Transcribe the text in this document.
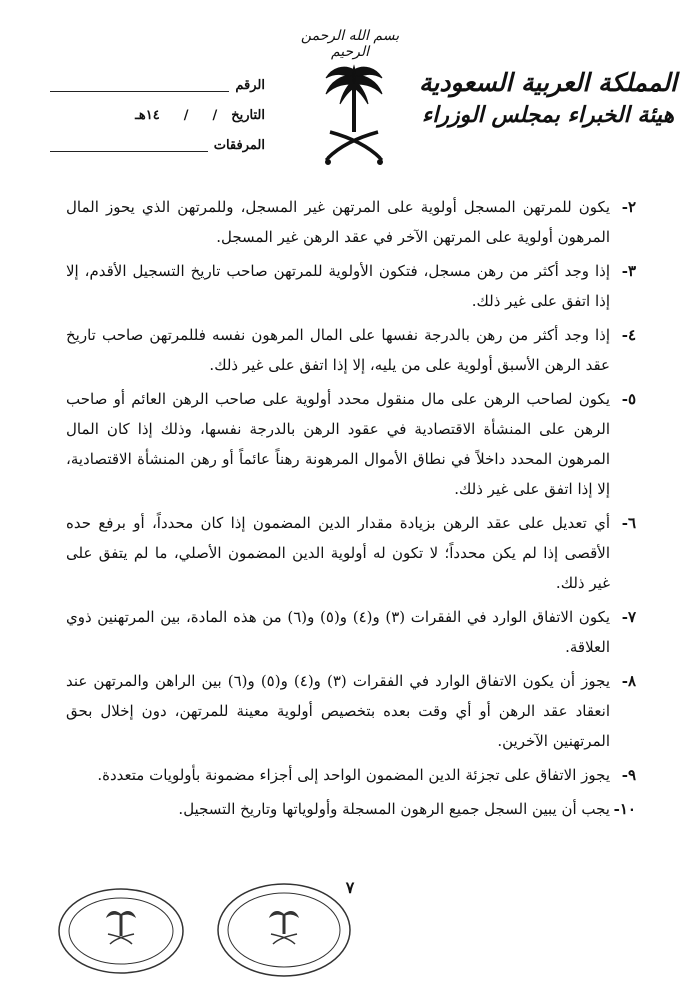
بسم الله الرحمن الرحيم
المملكة العربية السعودية
هيئة الخبراء بمجلس الوزراء
الرقم
التاريخ
/
/
١٤هـ
المرفقات
٢-
يكون للمرتهن المسجل أولوية على المرتهن غير المسجل، وللمرتهن الذي يحوز المال المرهون أولوية على المرتهن الآخر في عقد الرهن غير المسجل.
٣-
إذا وجد أكثر من رهن مسجل، فتكون الأولوية للمرتهن صاحب تاريخ التسجيل الأقدم، إلا إذا اتفق على غير ذلك.
٤-
إذا وجد أكثر من رهن بالدرجة نفسها على المال المرهون نفسه فللمرتهن صاحب تاريخ عقد الرهن الأسبق أولوية على من يليه، إلا إذا اتفق على غير ذلك.
٥-
يكون لصاحب الرهن على مال منقول محدد أولوية على صاحب الرهن العائم أو صاحب الرهن على المنشأة الاقتصادية في عقود الرهن بالدرجة نفسها، وذلك إذا كان المال المرهون المحدد داخلاً في نطاق الأموال المرهونة رهناً عائماً أو رهن المنشأة الاقتصادية، إلا إذا اتفق على غير ذلك.
٦-
أي تعديل على عقد الرهن بزيادة مقدار الدين المضمون إذا كان محدداً، أو برفع حده الأقصى إذا لم يكن محدداً؛ لا تكون له أولوية الدين المضمون الأصلي، ما لم يتفق على غير ذلك.
٧-
يكون الاتفاق الوارد في الفقرات (٣) و(٤) و(٥) و(٦) من هذه المادة، بين المرتهنين ذوي العلاقة.
٨-
يجوز أن يكون الاتفاق الوارد في الفقرات (٣) و(٤) و(٥) و(٦) بين الراهن والمرتهن عند انعقاد عقد الرهن أو أي وقت بعده بتخصيص أولوية معينة للمرتهن، دون إخلال بحق المرتهنين الآخرين.
٩-
يجوز الاتفاق على تجزئة الدين المضمون الواحد إلى أجزاء مضمونة بأولويات متعددة.
١٠-
يجب أن يبين السجل جميع الرهون المسجلة وأولوياتها وتاريخ التسجيل.
٧
